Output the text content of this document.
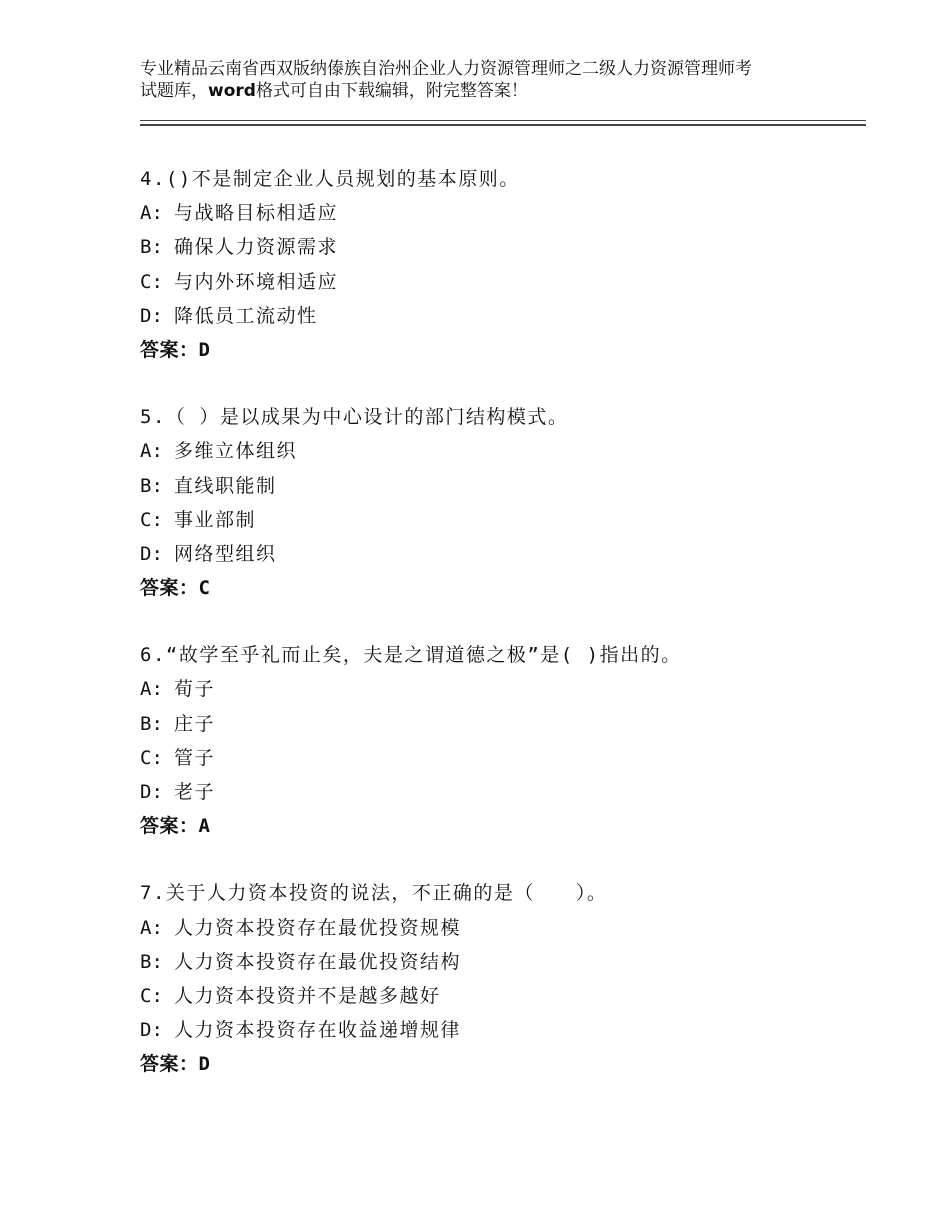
专业精品云南省西双版纳傣族自治州企业人力资源管理师之二级人力资源管理师考
试题库，word格式可自由下载编辑，附完整答案！
4.()不是制定企业人员规划的基本原则。
A: 与战略目标相适应
B: 确保人力资源需求
C: 与内外环境相适应
D: 降低员工流动性
答案：D
5.（ ）是以成果为中心设计的部门结构模式。
A: 多维立体组织
B: 直线职能制
C: 事业部制
D: 网络型组织
答案：C
6.“故学至乎礼而止矣，夫是之谓道德之极”是( )指出的。
A: 荀子
B: 庄子
C: 管子
D: 老子
答案：A
7.关于人力资本投资的说法，不正确的是（　　）。
A: 人力资本投资存在最优投资规模
B: 人力资本投资存在最优投资结构
C: 人力资本投资并不是越多越好
D: 人力资本投资存在收益递增规律
答案：D
